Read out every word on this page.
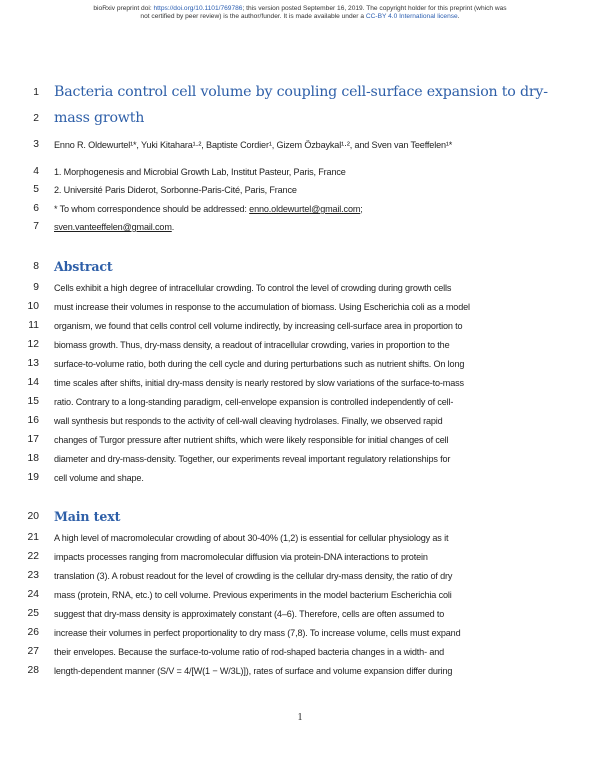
bioRxiv preprint doi: https://doi.org/10.1101/769786; this version posted September 16, 2019. The copyright holder for this preprint (which was
not certified by peer review) is the author/funder. It is made available under a CC-BY 4.0 International license.
1
2
3
4
5
6
7
8
9
10
11
12
13
14
15
16
17
18
19
20
21
22
23
24
25
26
27
28
Bacteria control cell volume by coupling cell-surface expansion to dry-
mass growth
Enno R. Oldewurtel¹*, Yuki Kitahara¹·², Baptiste Cordier¹, Gizem Özbaykal¹·², and Sven van Teeffelen¹*
1. Morphogenesis and Microbial Growth Lab, Institut Pasteur, Paris, France
2. Université Paris Diderot, Sorbonne-Paris-Cité, Paris, France
* To whom correspondence should be addressed: enno.oldewurtel@gmail.com;
sven.vanteeffelen@gmail.com.
Abstract
Cells exhibit a high degree of intracellular crowding. To control the level of crowding during growth cells
must increase their volumes in response to the accumulation of biomass. Using Escherichia coli as a model
organism, we found that cells control cell volume indirectly, by increasing cell-surface area in proportion to
biomass growth. Thus, dry-mass density, a readout of intracellular crowding, varies in proportion to the
surface-to-volume ratio, both during the cell cycle and during perturbations such as nutrient shifts. On long
time scales after shifts, initial dry-mass density is nearly restored by slow variations of the surface-to-mass
ratio. Contrary to a long-standing paradigm, cell-envelope expansion is controlled independently of cell-
wall synthesis but responds to the activity of cell-wall cleaving hydrolases. Finally, we observed rapid
changes of Turgor pressure after nutrient shifts, which were likely responsible for initial changes of cell
diameter and dry-mass-density. Together, our experiments reveal important regulatory relationships for
cell volume and shape.
Main text
A high level of macromolecular crowding of about 30-40% (1,2) is essential for cellular physiology as it
impacts processes ranging from macromolecular diffusion via protein-DNA interactions to protein
translation (3). A robust readout for the level of crowding is the cellular dry-mass density, the ratio of dry
mass (protein, RNA, etc.) to cell volume. Previous experiments in the model bacterium Escherichia coli
suggest that dry-mass density is approximately constant (4–6). Therefore, cells are often assumed to
increase their volumes in perfect proportionality to dry mass (7,8). To increase volume, cells must expand
their envelopes. Because the surface-to-volume ratio of rod-shaped bacteria changes in a width- and
length-dependent manner (S/V = 4/[W(1 − W/3L)]), rates of surface and volume expansion differ during
1
